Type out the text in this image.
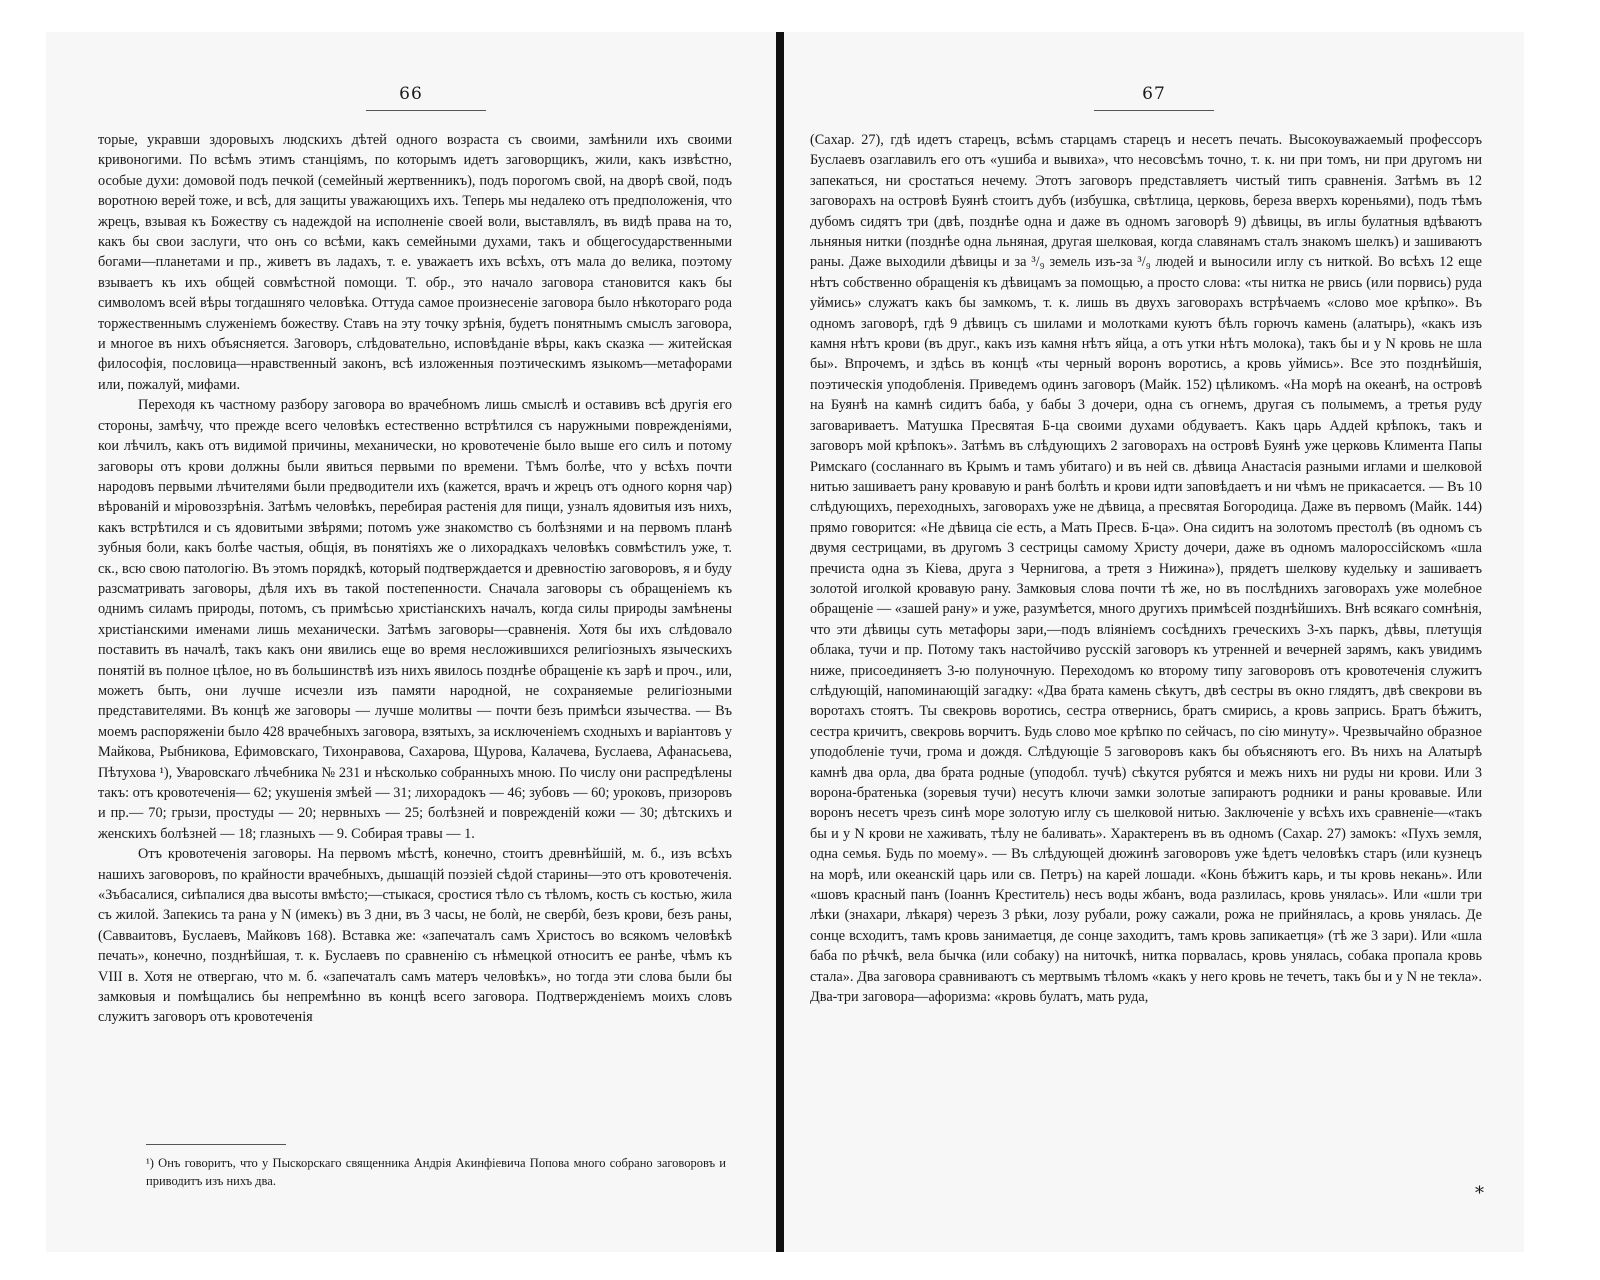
66

торые, укравши здоровыхъ людскихъ дѣтей одного возраста съ своими, замѣнили ихъ своими кривоногими. По всѣмъ этимъ станціямъ, по которымъ идетъ заговорщикъ, жили, какъ извѣстно, особые духи: домовой подъ печкой (семейный жертвенникъ), подъ порогомъ свой, на дворѣ свой, подъ воротною верей тоже, и всѣ, для защиты уважающихъ ихъ. Теперь мы недалеко отъ предположенія, что жрецъ, взывая къ Божеству съ надеждой на исполненіе своей воли, выставлялъ, въ видѣ права на то, какъ бы свои заслуги, что онъ со всѣми, какъ семейными духами, такъ и общегосударственными богами—планетами и пр., живетъ въ ладахъ, т. е. уважаетъ ихъ всѣхъ, отъ мала до велика, поэтому взываетъ къ ихъ общей совмѣстной помощи. Т. обр., это начало заговора становится какъ бы символомъ всей вѣры тогдашняго человѣка. Оттуда самое произнесеніе заговора было нѣкотораго рода торжественнымъ служеніемъ божеству. Ставъ на эту точку зрѣнія, будетъ понятнымъ смыслъ заговора, и многое въ нихъ объясняется. Заговоръ, слѣдовательно, исповѣданіе вѣры, какъ сказка — житейская философія, пословица—нравственный законъ, всѣ изложенныя поэтическимъ языкомъ—метафорами или, пожалуй, мифами.

Переходя къ частному разбору заговора во врачебномъ лишь смыслѣ и оставивъ всѣ другія его стороны, замѣчу, что прежде всего человѣкъ естественно встрѣтился съ наружными поврежденіями, кои лѣчилъ, какъ отъ видимой причины, механически, но кровотеченіе было выше его силъ и потому заговоры отъ крови должны были явиться первыми по времени. Тѣмъ болѣе, что у всѣхъ почти народовъ первыми лѣчителями были предводители ихъ (кажется, врачъ и жрецъ отъ одного корня чар) вѣрованій и міровоззрѣнія. Затѣмъ человѣкъ, перебирая растенія для пищи, узналъ ядовитыя изъ нихъ, какъ встрѣтился и съ ядовитыми звѣрями; потомъ уже знакомство съ болѣзнями и на первомъ планѣ зубныя боли, какъ болѣе частыя, общія, въ понятіяхъ же о лихорадкахъ человѣкъ совмѣстилъ уже, т. ск., всю свою патологію. Въ этомъ порядкѣ, который подтверждается и древностію заговоровъ, я и буду разсматривать заговоры, дѣля ихъ въ такой постепенности. Сначала заговоры съ обращеніемъ къ однимъ силамъ природы, потомъ, съ примѣсью христіанскихъ началъ, когда силы природы замѣнены христіанскими именами лишь механически. Затѣмъ заговоры—сравненія. Хотя бы ихъ слѣдовало поставить въ началѣ, такъ какъ они явились еще во время несложившихся религіозныхъ языческихъ понятій въ полное цѣлое, но въ большинствѣ изъ нихъ явилось позднѣе обращеніе къ зарѣ и проч., или, можетъ быть, они лучше исчезли изъ памяти народной, не сохраняемые религіозными представителями. Въ концѣ же заговоры — лучше молитвы — почти безъ примѣси язычества. — Въ моемъ распоряженіи было 428 врачебныхъ заговора, взятыхъ, за исключеніемъ сходныхъ и варіантовъ у Майкова, Рыбникова, Ефимовскаго, Тихонравова, Сахарова, Щурова, Калачева, Буслаева, Афанасьева, Пѣтухова ¹), Уваровскаго лѣчебника № 231 и нѣсколько собранныхъ мною. По числу они распредѣлены такъ: отъ кровотеченія— 62; укушенія змѣей — 31; лихорадокъ — 46; зубовъ — 60; уроковъ, призоровъ и пр.— 70; грызи, простуды — 20; нервныхъ — 25; болѣзней и поврежденій кожи — 30; дѣтскихъ и женскихъ болѣзней — 18; глазныхъ — 9. Собирая травы — 1.

Отъ кровотеченія заговоры. На первомъ мѣстѣ, конечно, стоитъ древнѣйшій, м. б., изъ всѣхъ нашихъ заговоровъ, по крайности врачебныхъ, дышащій поэзіей сѣдой старины—это отъ кровотеченія. «Зъбасалися, сиѣпалися два высоты вмѣсто;—стыкася, сростися тѣло съ тѣломъ, кость съ костью, жила съ жилой. Запекись та рана у N (имекъ) въ 3 дни, въ 3 часы, не болѝ, не свербѝ, безъ крови, безъ раны, (Савваитовъ, Буслаевъ, Майковъ 168). Вставка же: «запечаталъ самъ Христосъ во всякомъ человѣкѣ печать», конечно, позднѣйшая, т. к. Буслаевъ по сравненію съ нѣмецкой относитъ ее ранѣе, чѣмъ къ VIII в. Хотя не отвергаю, что м. б. «запечаталъ самъ матеръ человѣкъ», но тогда эти слова были бы замковыя и помѣщались бы непремѣнно въ концѣ всего заговора. Подтвержденіемъ моихъ словъ служитъ заговоръ отъ кровотеченія

¹) Онъ говоритъ, что у Пыскорскаго священника Андрія Акинфіевича Попова много собрано заговоровъ и приводитъ изъ нихъ два.
67

(Сахар. 27), гдѣ идетъ старецъ, всѣмъ старцамъ старецъ и несетъ печать. Высокоуважаемый профессоръ Буслаевъ озаглавилъ его отъ «ушиба и вывиха», что несовсѣмъ точно, т. к. ни при томъ, ни при другомъ ни запекаться, ни сростаться нечему. Этотъ заговоръ представляетъ чистый типъ сравненія. Затѣмъ въ 12 заговорахъ на островѣ Буянѣ стоитъ дубъ (избушка, свѣтлица, церковь, береза вверхъ кореньями), подъ тѣмъ дубомъ сидятъ три (двѣ, позднѣе одна и даже въ одномъ заговорѣ 9) дѣвицы, въ иглы булатныя вдѣваютъ льняныя нитки (позднѣе одна льняная, другая шелковая, когда славянамъ сталъ знакомъ шелкъ) и зашиваютъ раны. Даже выходили дѣвицы и за ³/₉ земель изъ-за ³/₉ людей и выносили иглу съ ниткой. Во всѣхъ 12 еще нѣтъ собственно обращенія къ дѣвицамъ за помощью, а просто слова: «ты нитка не рвись (или порвись) руда уймись» служатъ какъ бы замкомъ, т. к. лишь въ двухъ заговорахъ встрѣчаемъ «слово мое крѣпко». Въ одномъ заговорѣ, гдѣ 9 дѣвицъ съ шилами и молотками куютъ бѣлъ горючъ камень (алатырь), «какъ изъ камня нѣтъ крови (въ друг., какъ изъ камня нѣтъ яйца, а отъ утки нѣтъ молока), такъ бы и у N кровь не шла бы». Впрочемъ, и здѣсь въ концѣ «ты черный воронъ воротись, а кровь уймись». Все это позднѣйшія, поэтическія уподобленія. Приведемъ одинъ заговоръ (Майк. 152) цѣликомъ. «На морѣ на океанѣ, на островѣ на Буянѣ на камнѣ сидитъ баба, у бабы 3 дочери, одна съ огнемъ, другая съ полымемъ, а третья руду заговариваетъ. Матушка Пресвятая Б-ца своими духами обдуваетъ. Какъ царь Аддей крѣпокъ, такъ и заговоръ мой крѣпокъ». Затѣмъ въ слѣдующихъ 2 заговорахъ на островѣ Буянѣ уже церковь Климента Папы Римскаго (сосланнаго въ Крымъ и тамъ убитаго) и въ ней св. дѣвица Анастасія разными иглами и шелковой нитью зашиваетъ рану кровавую и ранѣ болѣть и крови идти заповѣдаетъ и ни чѣмъ не прикасается. — Въ 10 слѣдующихъ, переходныхъ, заговорахъ уже не дѣвица, а пресвятая Богородица. Даже въ первомъ (Майк. 144) прямо говорится: «Не дѣвица сіе есть, а Мать Пресв. Б-ца». Она сидитъ на золотомъ престолѣ (въ одномъ съ двумя сестрицами, въ другомъ 3 сестрицы самому Христу дочери, даже въ одномъ малороссійскомъ «шла пречиста одна зъ Кіева, друга з Чернигова, а третя з Нижина»), прядетъ шелкову кудельку и зашиваетъ золотой иголкой кровавую рану. Замковыя слова почти тѣ же, но въ послѣднихъ заговорахъ уже молебное обращеніе — «зашей рану» и уже, разумѣется, много другихъ примѣсей позднѣйшихъ. Внѣ всякаго сомнѣнія, что эти дѣвицы суть метафоры зари,—подъ вліяніемъ сосѣднихъ греческихъ 3-хъ паркъ, дѣвы, плетущія облака, тучи и пр. Потому такъ настойчиво русскій заговоръ къ утренней и вечерней зарямъ, какъ увидимъ ниже, присоединяетъ 3-ю полуночную. Переходомъ ко второму типу заговоровъ отъ кровотеченія служитъ слѣдующій, напоминающій загадку: «Два брата камень сѣкутъ, двѣ сестры въ окно глядятъ, двѣ свекрови въ воротахъ стоятъ. Ты свекровь воротись, сестра отвернись, братъ смирись, а кровь запрись. Братъ бѣжитъ, сестра кричитъ, свекровь ворчитъ. Будь слово мое крѣпко по сейчасъ, по сію минуту». Чрезвычайно образное уподобленіе тучи, грома и дождя. Слѣдующіе 5 заговоровъ какъ бы объясняютъ его. Въ нихъ на Алатырѣ камнѣ два орла, два брата родные (уподобл. тучѣ) сѣкутся рубятся и межъ нихъ ни руды ни крови. Или 3 ворона-братенька (зоревыя тучи) несутъ ключи замки золотые запираютъ родники и раны кровавые. Или воронъ несетъ чрезъ синѣ море золотую иглу съ шелковой нитью. Заключеніе у всѣхъ ихъ сравненіе—«такъ бы и у N крови не хаживать, тѣлу не баливать». Характеренъ въ въ одномъ (Сахар. 27) замокъ: «Пухъ земля, одна семья. Будь по моему». — Въ слѣдующей дюжинѣ заговоровъ уже ѣдетъ человѣкъ старъ (или кузнецъ на морѣ, или океанскій царь или св. Петръ) на карей лошади. «Конь бѣжитъ карь, и ты кровь некань». Или «шовъ красный панъ (Іоаннъ Креститель) несъ воды жбанъ, вода разлилась, кровь унялась». Или «шли три лѣки (знахари, лѣкаря) черезъ 3 рѣки, лозу рубали, рожу сажали, рожа не прийнялась, а кровь унялась. Де сонце всходитъ, тамъ кровь занимаетця, де сонце заходитъ, тамъ кровь запикаетця» (тѣ же 3 зари). Или «шла баба по рѣчкѣ, вела бычка (или собаку) на ниточкѣ, нитка порвалась, кровь унялась, собака пропала кровь стала». Два заговора сравниваютъ съ мертвымъ тѣломъ «какъ у него кровь не течетъ, такъ бы и у N не текла». Два-три заговора—афоризма: «кровь булатъ, мать руда,

*
